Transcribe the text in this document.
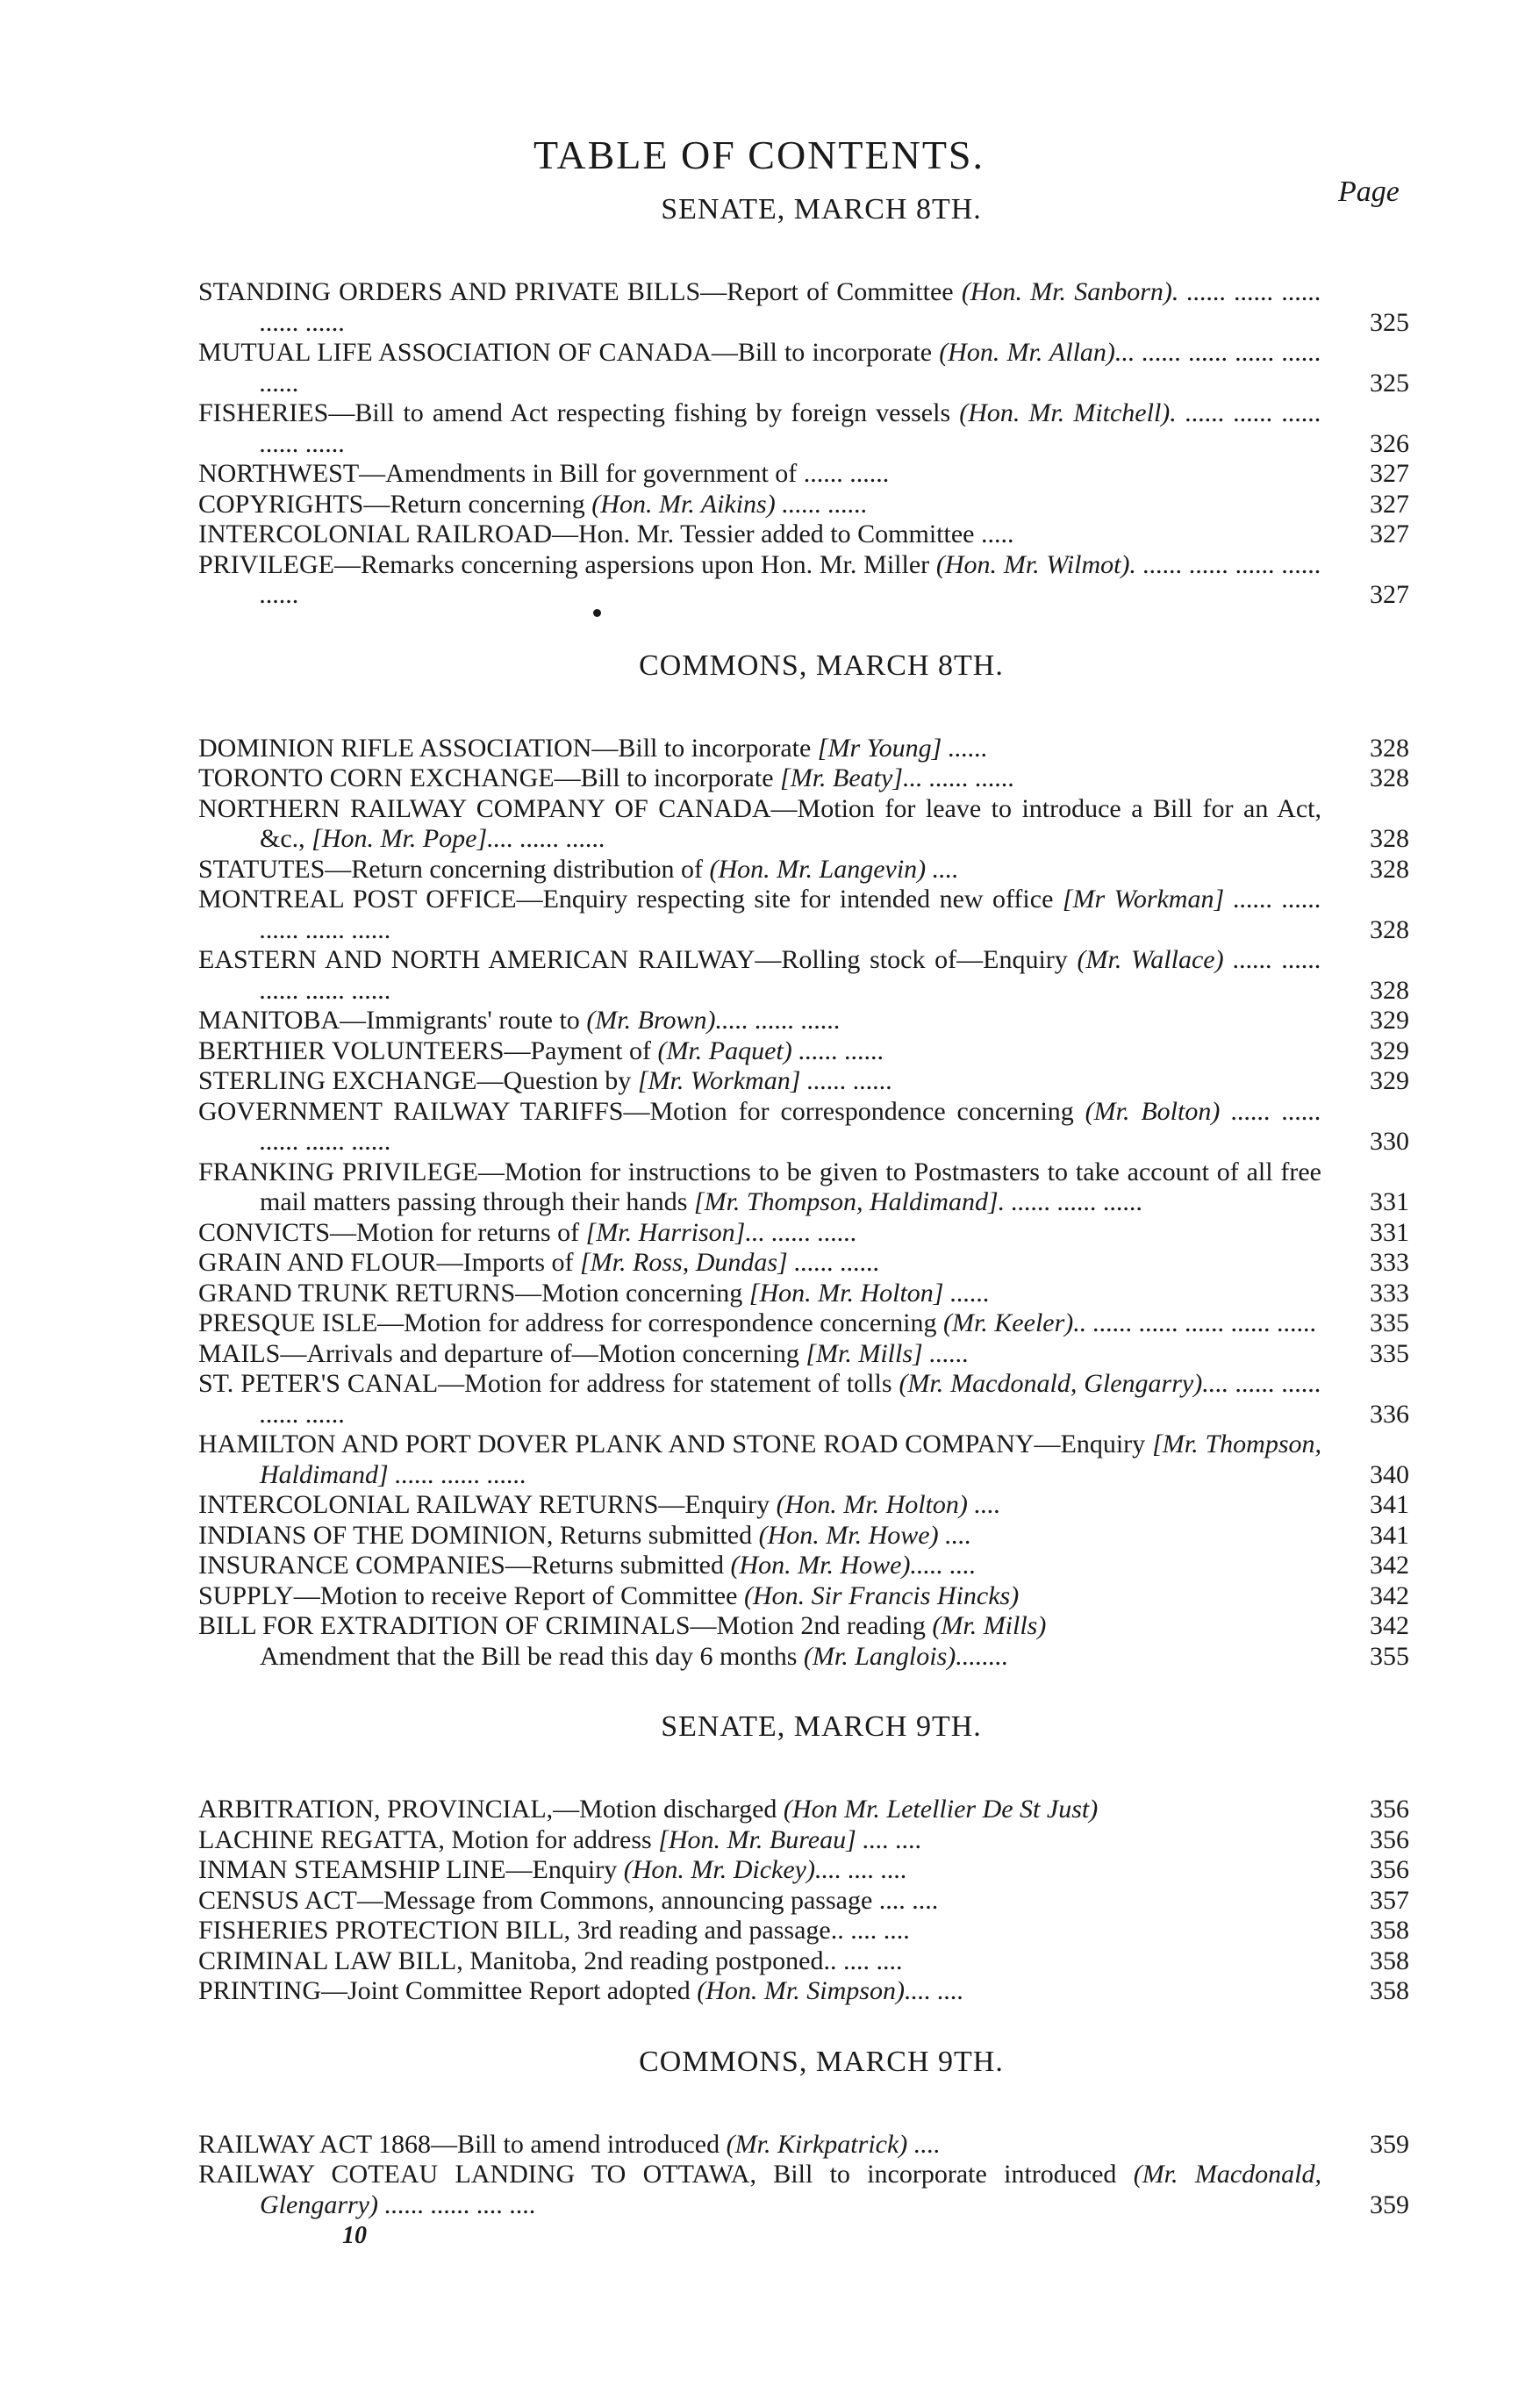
TABLE OF CONTENTS.
Page
SENATE, MARCH 8TH.
STANDING ORDERS AND PRIVATE BILLS—Report of Committee (Hon. Mr. Sanborn). ...... ...... ...... ...... ......	325
MUTUAL LIFE ASSOCIATION OF CANADA—Bill to incorporate (Hon. Mr. Allan)... ...... ...... ...... ...... ......	325
FISHERIES—Bill to amend Act respecting fishing by foreign vessels (Hon. Mr. Mitchell). ...... ...... ...... ...... ......	326
NORTHWEST—Amendments in Bill for government of ...... ......	327
COPYRIGHTS—Return concerning (Hon. Mr. Aikins) ...... ......	327
INTERCOLONIAL RAILROAD—Hon. Mr. Tessier added to Committee .....	327
PRIVILEGE—Remarks concerning aspersions upon Hon. Mr. Miller (Hon. Mr. Wilmot). ...... ...... ...... ...... ......	327
COMMONS, MARCH 8TH.
DOMINION RIFLE ASSOCIATION—Bill to incorporate [Mr Young] ......	328
TORONTO CORN EXCHANGE—Bill to incorporate [Mr. Beaty]... ...... ......	328
NORTHERN RAILWAY COMPANY OF CANADA—Motion for leave to introduce a Bill for an Act, &c., [Hon. Mr. Pope].... ...... ......	328
STATUTES—Return concerning distribution of (Hon. Mr. Langevin) ....	328
MONTREAL POST OFFICE—Enquiry respecting site for intended new office [Mr Workman] ...... ...... ...... ...... ......	328
EASTERN AND NORTH AMERICAN RAILWAY—Rolling stock of—Enquiry (Mr. Wallace) ...... ...... ...... ...... ......	328
MANITOBA—Immigrants' route to (Mr. Brown)..... ...... ......	329
BERTHIER VOLUNTEERS—Payment of (Mr. Paquet) ...... ......	329
STERLING EXCHANGE—Question by [Mr. Workman] ...... ......	329
GOVERNMENT RAILWAY TARIFFS—Motion for correspondence concerning (Mr. Bolton) ...... ...... ...... ...... ......	330
FRANKING PRIVILEGE—Motion for instructions to be given to Postmasters to take account of all free mail matters passing through their hands [Mr. Thompson, Haldimand]. ...... ...... ......	331
CONVICTS—Motion for returns of [Mr. Harrison]... ...... ......	331
GRAIN AND FLOUR—Imports of [Mr. Ross, Dundas] ...... ......	333
GRAND TRUNK RETURNS—Motion concerning [Hon. Mr. Holton] ......	333
PRESQUE ISLE—Motion for address for correspondence concerning (Mr. Keeler).. ...... ...... ...... ...... ......	335
MAILS—Arrivals and departure of—Motion concerning [Mr. Mills] ......	335
ST. PETER'S CANAL—Motion for address for statement of tolls (Mr. Macdonald, Glengarry).... ...... ...... ...... ......	336
HAMILTON AND PORT DOVER PLANK AND STONE ROAD COMPANY—Enquiry [Mr. Thompson, Haldimand] ...... ...... ......	340
INTERCOLONIAL RAILWAY RETURNS—Enquiry (Hon. Mr. Holton) ....	341
INDIANS OF THE DOMINION, Returns submitted (Hon. Mr. Howe) ....	341
INSURANCE COMPANIES—Returns submitted (Hon. Mr. Howe)..... ....	342
SUPPLY—Motion to receive Report of Committee (Hon. Sir Francis Hincks)	342
BILL FOR EXTRADITION OF CRIMINALS—Motion 2nd reading (Mr. Mills)	342
Amendment that the Bill be read this day 6 months (Mr. Langlois)........	355
SENATE, MARCH 9TH.
ARBITRATION, PROVINCIAL,—Motion discharged (Hon Mr. Letellier De St Just)	356
LACHINE REGATTA, Motion for address [Hon. Mr. Bureau] .... ....	356
INMAN STEAMSHIP LINE—Enquiry (Hon. Mr. Dickey).... .... ....	356
CENSUS ACT—Message from Commons, announcing passage .... ....	357
FISHERIES PROTECTION BILL, 3rd reading and passage.. .... ....	358
CRIMINAL LAW BILL, Manitoba, 2nd reading postponed.. .... ....	358
PRINTING—Joint Committee Report adopted (Hon. Mr. Simpson).... ....	358
COMMONS, MARCH 9TH.
RAILWAY ACT 1868—Bill to amend introduced (Mr. Kirkpatrick) ....	359
RAILWAY COTEAU LANDING TO OTTAWA, Bill to incorporate introduced (Mr. Macdonald, Glengarry) ...... ...... .... ....	359
10
